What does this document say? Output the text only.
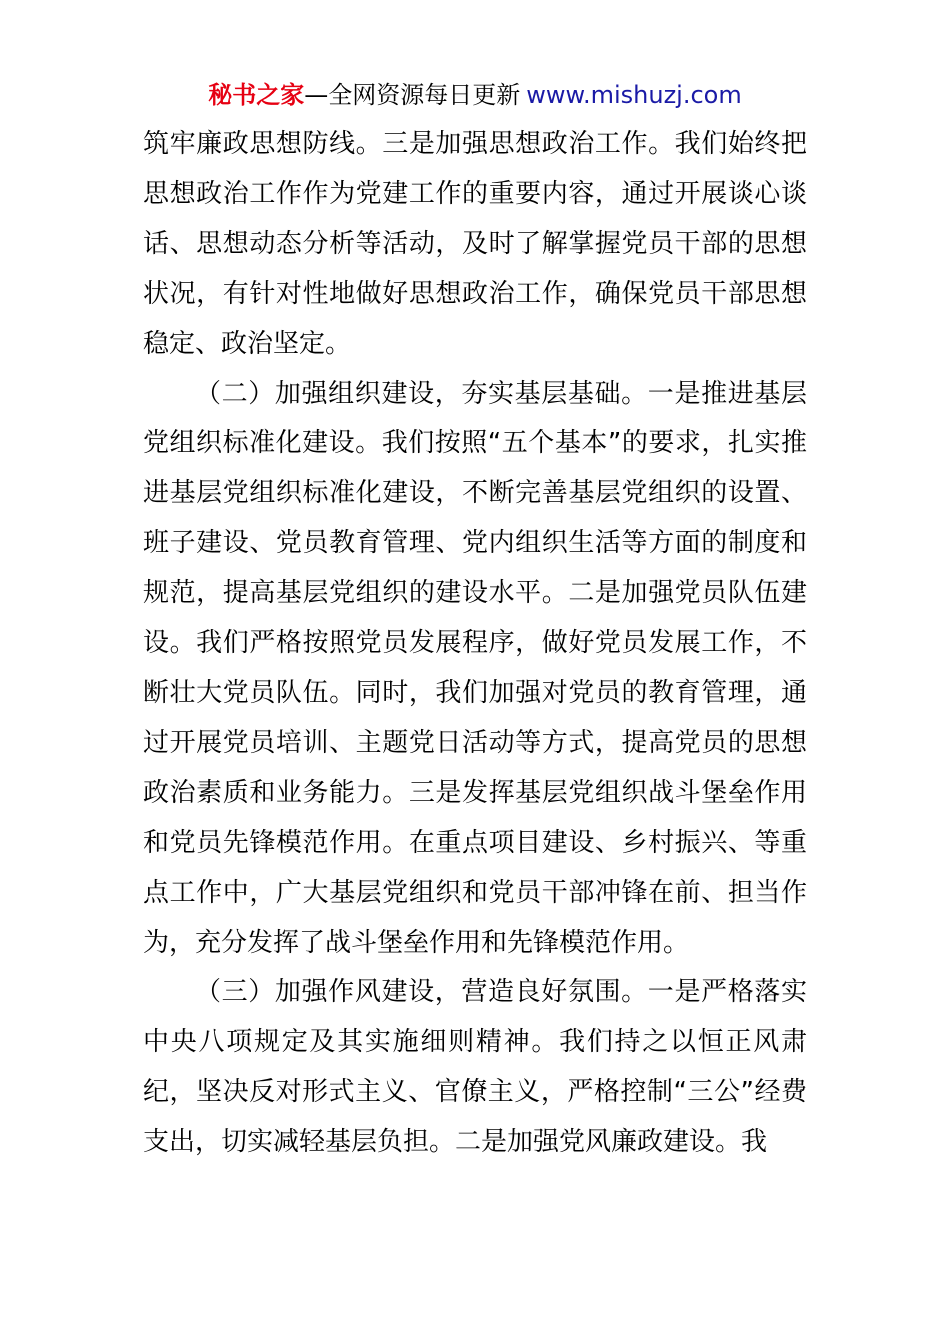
秘书之家—全网资源每日更新 www.mishuzj.com

筑牢廉政思想防线。三是加强思想政治工作。我们始终把思想政治工作作为党建工作的重要内容，通过开展谈心谈话、思想动态分析等活动，及时了解掌握党员干部的思想状况，有针对性地做好思想政治工作，确保党员干部思想稳定、政治坚定。

（二）加强组织建设，夯实基层基础。一是推进基层党组织标准化建设。我们按照“五个基本”的要求，扎实推进基层党组织标准化建设，不断完善基层党组织的设置、班子建设、党员教育管理、党内组织生活等方面的制度和规范，提高基层党组织的建设水平。二是加强党员队伍建设。我们严格按照党员发展程序，做好党员发展工作，不断壮大党员队伍。同时，我们加强对党员的教育管理，通过开展党员培训、主题党日活动等方式，提高党员的思想政治素质和业务能力。三是发挥基层党组织战斗堡垒作用和党员先锋模范作用。在重点项目建设、乡村振兴、等重点工作中，广大基层党组织和党员干部冲锋在前、担当作为，充分发挥了战斗堡垒作用和先锋模范作用。

（三）加强作风建设，营造良好氛围。一是严格落实中央八项规定及其实施细则精神。我们持之以恒正风肃纪，坚决反对形式主义、官僚主义，严格控制“三公”经费支出，切实减轻基层负担。二是加强党风廉政建设。我
